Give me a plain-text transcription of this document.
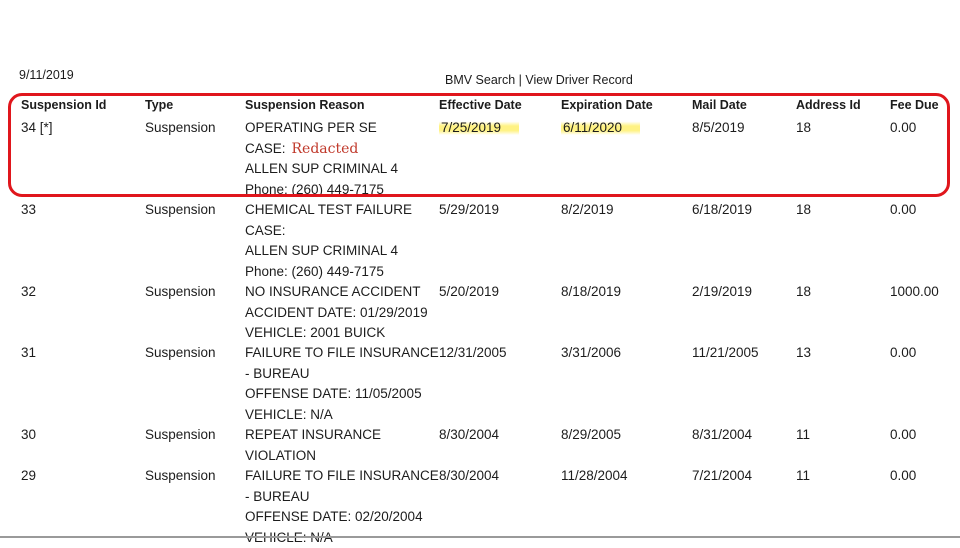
9/11/2019	BMV Search | View Driver Record
Suspension Id	Type	Suspension Reason	Effective Date	Expiration Date	Mail Date	Address Id Fee Due
34 [*]	Suspension OPERATING PER SE
CASE: Redacted
ALLEN SUP CRIMINAL 4
Phone: (260) 449-7175
7/25/2019	6/11/2020	8/5/2019	18	0.00
33	Suspension CHEMICAL TEST FAILURE
CASE:
ALLEN SUP CRIMINAL 4
Phone: (260) 449-7175
5/29/2019	8/2/2019	6/18/2019	18	0.00
32	Suspension NO INSURANCE ACCIDENT
ACCIDENT DATE: 01/29/2019
VEHICLE: 2001 BUICK
5/20/2019	8/18/2019	2/19/2019	18	1000.00
31	Suspension FAILURE TO FILE INSURANCE
- BUREAU
OFFENSE DATE: 11/05/2005
VEHICLE: N/A
12/31/2005	3/31/2006	11/21/2005	13	0.00
30	Suspension REPEAT INSURANCE
VIOLATION
8/30/2004	8/29/2005	8/31/2004	11	0.00
29	Suspension FAILURE TO FILE INSURANCE
- BUREAU
OFFENSE DATE: 02/20/2004
8/30/2004	11/28/2004	7/21/2004	11	0.00
